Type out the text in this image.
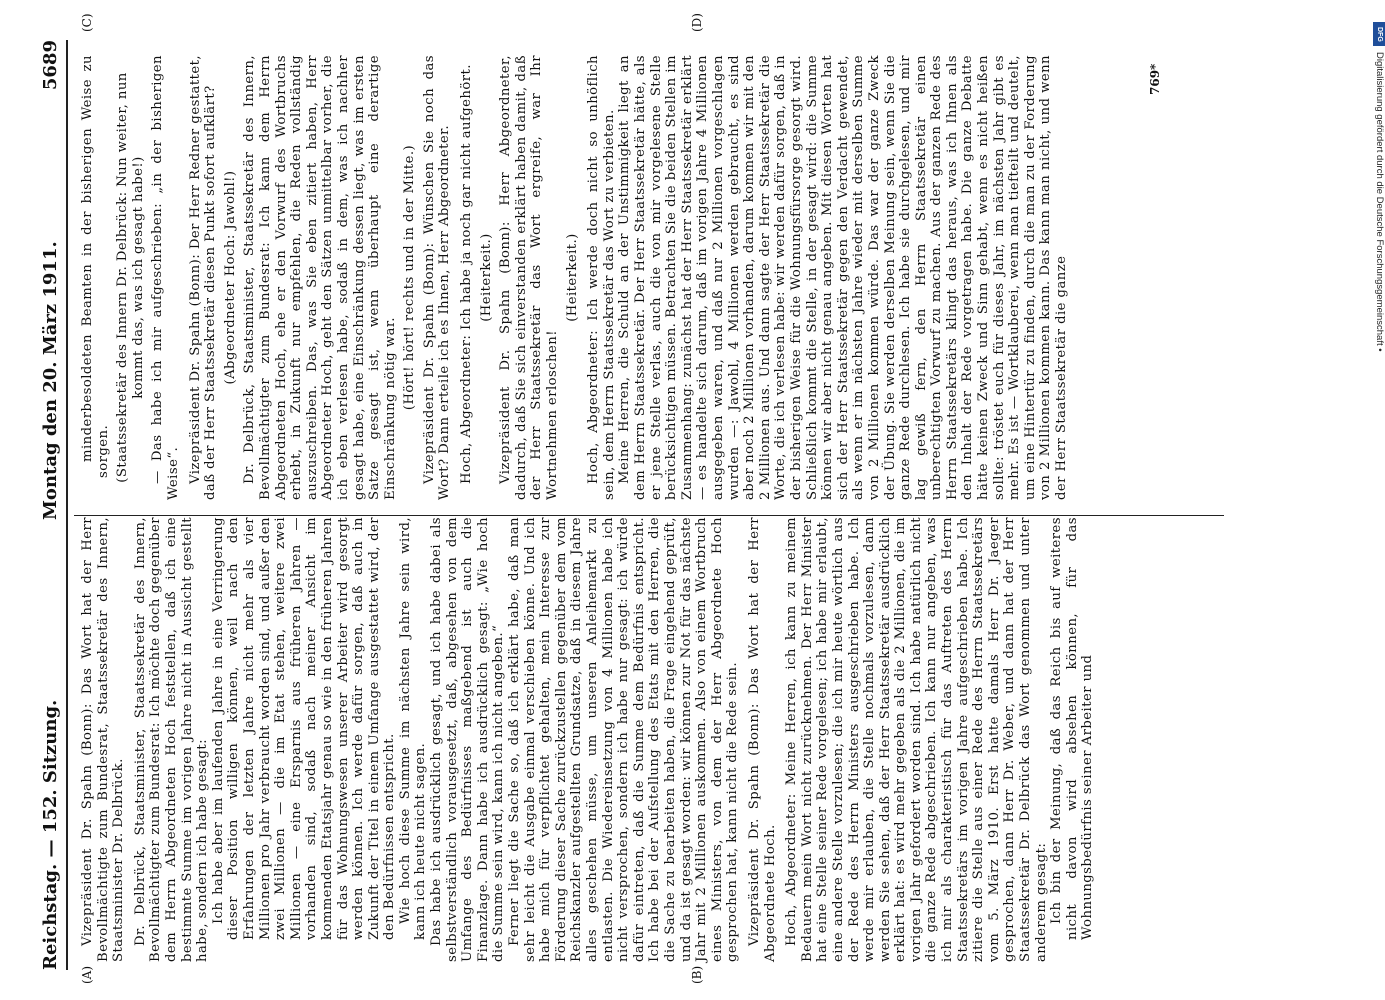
Reichstag. — 152. Sitzung.
Montag den 20. März 1911.
5689
(A)	(B)
(C)	(D)

Vizepräsident Dr. Spahn (Bonn): Das Wort hat der Herr Bevollmächtigte zum Bundesrat, Staatssekretär des Innern, Staatsminister Dr. Delbrück. Dr. Delbrück, Staatsminister, Staatssekretär des Innern, Bevollmächtigter zum Bundesrat: Ich möchte doch gegenüber dem Herrn Abgeordneten Hoch feststellen, daß ich eine bestimmte Summe im vorigen Jahre nicht in Aussicht gestellt habe, sondern ich habe gesagt: Ich habe aber im laufenden Jahre in eine Verringerung dieser Position willigen können, weil nach den Erfahrungen der letzten Jahre nicht mehr als vier Millionen pro Jahr verbraucht worden sind, und außer den zwei Millionen — die im Etat stehen, weitere zwei Millionen — eine Ersparnis aus früheren Jahren — vorhanden sind, sodaß nach meiner Ansicht im kommenden Etatsjahr genau so wie in den früheren Jahren für das Wohnungswesen unserer Arbeiter wird gesorgt werden können. Ich werde dafür sorgen, daß auch in Zukunft der Titel in einem Umfange ausgestattet wird, der den Bedürfnissen entspricht. Wie hoch diese Summe im nächsten Jahre sein wird, kann ich heute nicht sagen. Das habe ich ausdrücklich gesagt, und ich habe dabei als selbstverständlich vorausgesetzt, daß, abgesehen von dem Umfange des Bedürfnisses maßgebend ist auch die Finanzlage. Dann habe ich ausdrücklich gesagt: „Wie hoch die Summe sein wird, kann ich nicht angeben.“ Ferner liegt die Sache so, daß ich erklärt habe, daß man sehr leicht die Ausgabe einmal verschieben könne. Und ich habe mich für verpflichtet gehalten, mein Interesse zur Förderung dieser Sache zurückzustellen gegenüber dem vom Reichskanzler aufgestellten Grundsatze, daß in diesem Jahre alles geschehen müsse, um unseren Anleihemarkt zu entlasten. Die Wiedereinsetzung von 4 Millionen habe ich nicht versprochen, sondern ich habe nur gesagt: ich würde dafür eintreten, daß die Summe dem Bedürfnis entspricht. Ich habe bei der Aufstellung des Etats mit den Herren, die die Sache zu bearbeiten haben, die Frage eingehend geprüft, und da ist gesagt worden: wir können zur Not für das nächste Jahr mit 2 Millionen auskommen. Also von einem Wortbruch eines Ministers, von dem der Herr Abgeordnete Hoch gesprochen hat, kann nicht die Rede sein. Vizepräsident Dr. Spahn (Bonn): Das Wort hat der Herr Abgeordnete Hoch. Hoch, Abgeordneter: Meine Herren, ich kann zu meinem Bedauern mein Wort nicht zurücknehmen. Der Herr Minister hat eine Stelle seiner Rede vorgelesen; ich habe mir erlaubt, eine andere Stelle vorzulesen; die ich mir heute wörtlich aus der Rede des Herrn Ministers ausgeschrieben habe. Ich werde mir erlauben, die Stelle nochmals vorzulesen, dann werden Sie sehen, daß der Herr Staatssekretär ausdrücklich erklärt hat: es wird mehr gegeben als die 2 Millionen, die im vorigen Jahr gefordert worden sind. Ich habe natürlich nicht die ganze Rede abgeschrieben. Ich kann nur angeben, was ich mir als charakteristisch für das Auftreten des Herrn Staatssekretärs im vorigen Jahre aufgeschrieben habe. Ich zitiere die Stelle aus einer Rede des Herrn Staatssekretärs vom 5. März 1910. Erst hatte damals Herr Dr. Jaeger gesprochen, dann Herr Dr. Weber, und dann hat der Herr Staatssekretär Dr. Delbrück das Wort genommen und unter anderem gesagt: Ich bin der Meinung, daß das Reich bis auf weiteres nicht davon wird absehen können, für das Wohnungsbedürfnis seiner Arbeiter und

minderbesoldeten Beamten in der bisherigen Weise zu sorgen. (Staatssekretär des Innern Dr. Delbrück: Nun weiter, nun kommt das, was ich gesagt habe!) — Das habe ich mir aufgeschrieben: „in der bisherigen Weise“. Vizepräsident Dr. Spahn (Bonn): Der Herr Redner gestattet, daß der Herr Staatssekretär diesen Punkt sofort aufklärt? (Abgeordneter Hoch: Jawohl!) Dr. Delbrück, Staatsminister, Staatssekretär des Innern, Bevollmächtigter zum Bundesrat: Ich kann dem Herrn Abgeordneten Hoch, ehe er den Vorwurf des Wortbruchs erhebt, in Zukunft nur empfehlen, die Reden vollständig auszuschreiben. Das, was Sie eben zitiert haben, Herr Abgeordneter Hoch, geht den Sätzen unmittelbar vorher, die ich eben verlesen habe, sodaß in dem, was ich nachher gesagt habe, eine Einschränkung dessen liegt, was im ersten Satze gesagt ist, wenn überhaupt eine derartige Einschränkung nötig war. (Hört! hört! rechts und in der Mitte.) Vizepräsident Dr. Spahn (Bonn): Wünschen Sie noch das Wort? Dann erteile ich es Ihnen, Herr Abgeordneter. Hoch, Abgeordneter: Ich habe ja noch gar nicht aufgehört. (Heiterkeit.) Vizepräsident Dr. Spahn (Bonn): Herr Abgeordneter, dadurch, daß Sie sich einverstanden erklärt haben damit, daß der Herr Staatssekretär das Wort ergreife, war Ihr Wortnehmen erloschen!

(Heiterkeit.) Hoch, Abgeordneter: Ich werde doch nicht so unhöflich sein, dem Herrn Staatssekretär das Wort zu verbieten. Meine Herren, die Schuld an der Unstimmigkeit liegt an dem Herrn Staatssekretär. Der Herr Staatssekretär hätte, als er jene Stelle verlas, auch die von mir vorgelesene Stelle berücksichtigen müssen. Betrachten Sie die beiden Stellen im Zusammenhang: zunächst hat der Herr Staatssekretär erklärt — es handelte sich darum, daß im vorigen Jahre 4 Millionen ausgegeben waren, und daß nur 2 Millionen vorgeschlagen wurden —: Jawohl, 4 Millionen werden gebraucht, es sind aber noch 2 Millionen vorhanden, darum kommen wir mit den 2 Millionen aus. Und dann sagte der Herr Staatssekretär die Worte, die ich verlesen habe: wir werden dafür sorgen, daß in der bisherigen Weise für die Wohnungsfürsorge gesorgt wird. Schließlich kommt die Stelle, in der gesagt wird: die Summe können wir aber nicht genau angeben. Mit diesen Worten hat sich der Herr Staatssekretär gegen den Verdacht gewendet, als wenn er im nächsten Jahre wieder mit derselben Summe von 2 Millionen kommen würde. Das war der ganze Zweck der Übung. Sie werden derselben Meinung sein, wenn Sie die ganze Rede durchlesen. Ich habe sie durchgelesen, und mir lag gewiß fern, den Herrn Staatssekretär einen unberechtigten Vorwurf zu machen. Aus der ganzen Rede des Herrn Staatssekretärs klingt das heraus, was ich Ihnen als den Inhalt der Rede vorgetragen habe. Die ganze Debatte hätte keinen Zweck und Sinn gehabt, wenn es nicht heißen sollte: tröstet euch für dieses Jahr, im nächsten Jahr gibt es mehr. Es ist — Wortklauberei, wenn man tiefteilt und deutelt, um eine Hintertür zu finden, durch die man zu der Forderung von 2 Millionen kommen kann. Das kann man nicht, und wenn der Herr Staatssekretär die ganze

769*
DFG
Digitalisierung gefördert durch die Deutsche Forschungsgemeinschaft •
